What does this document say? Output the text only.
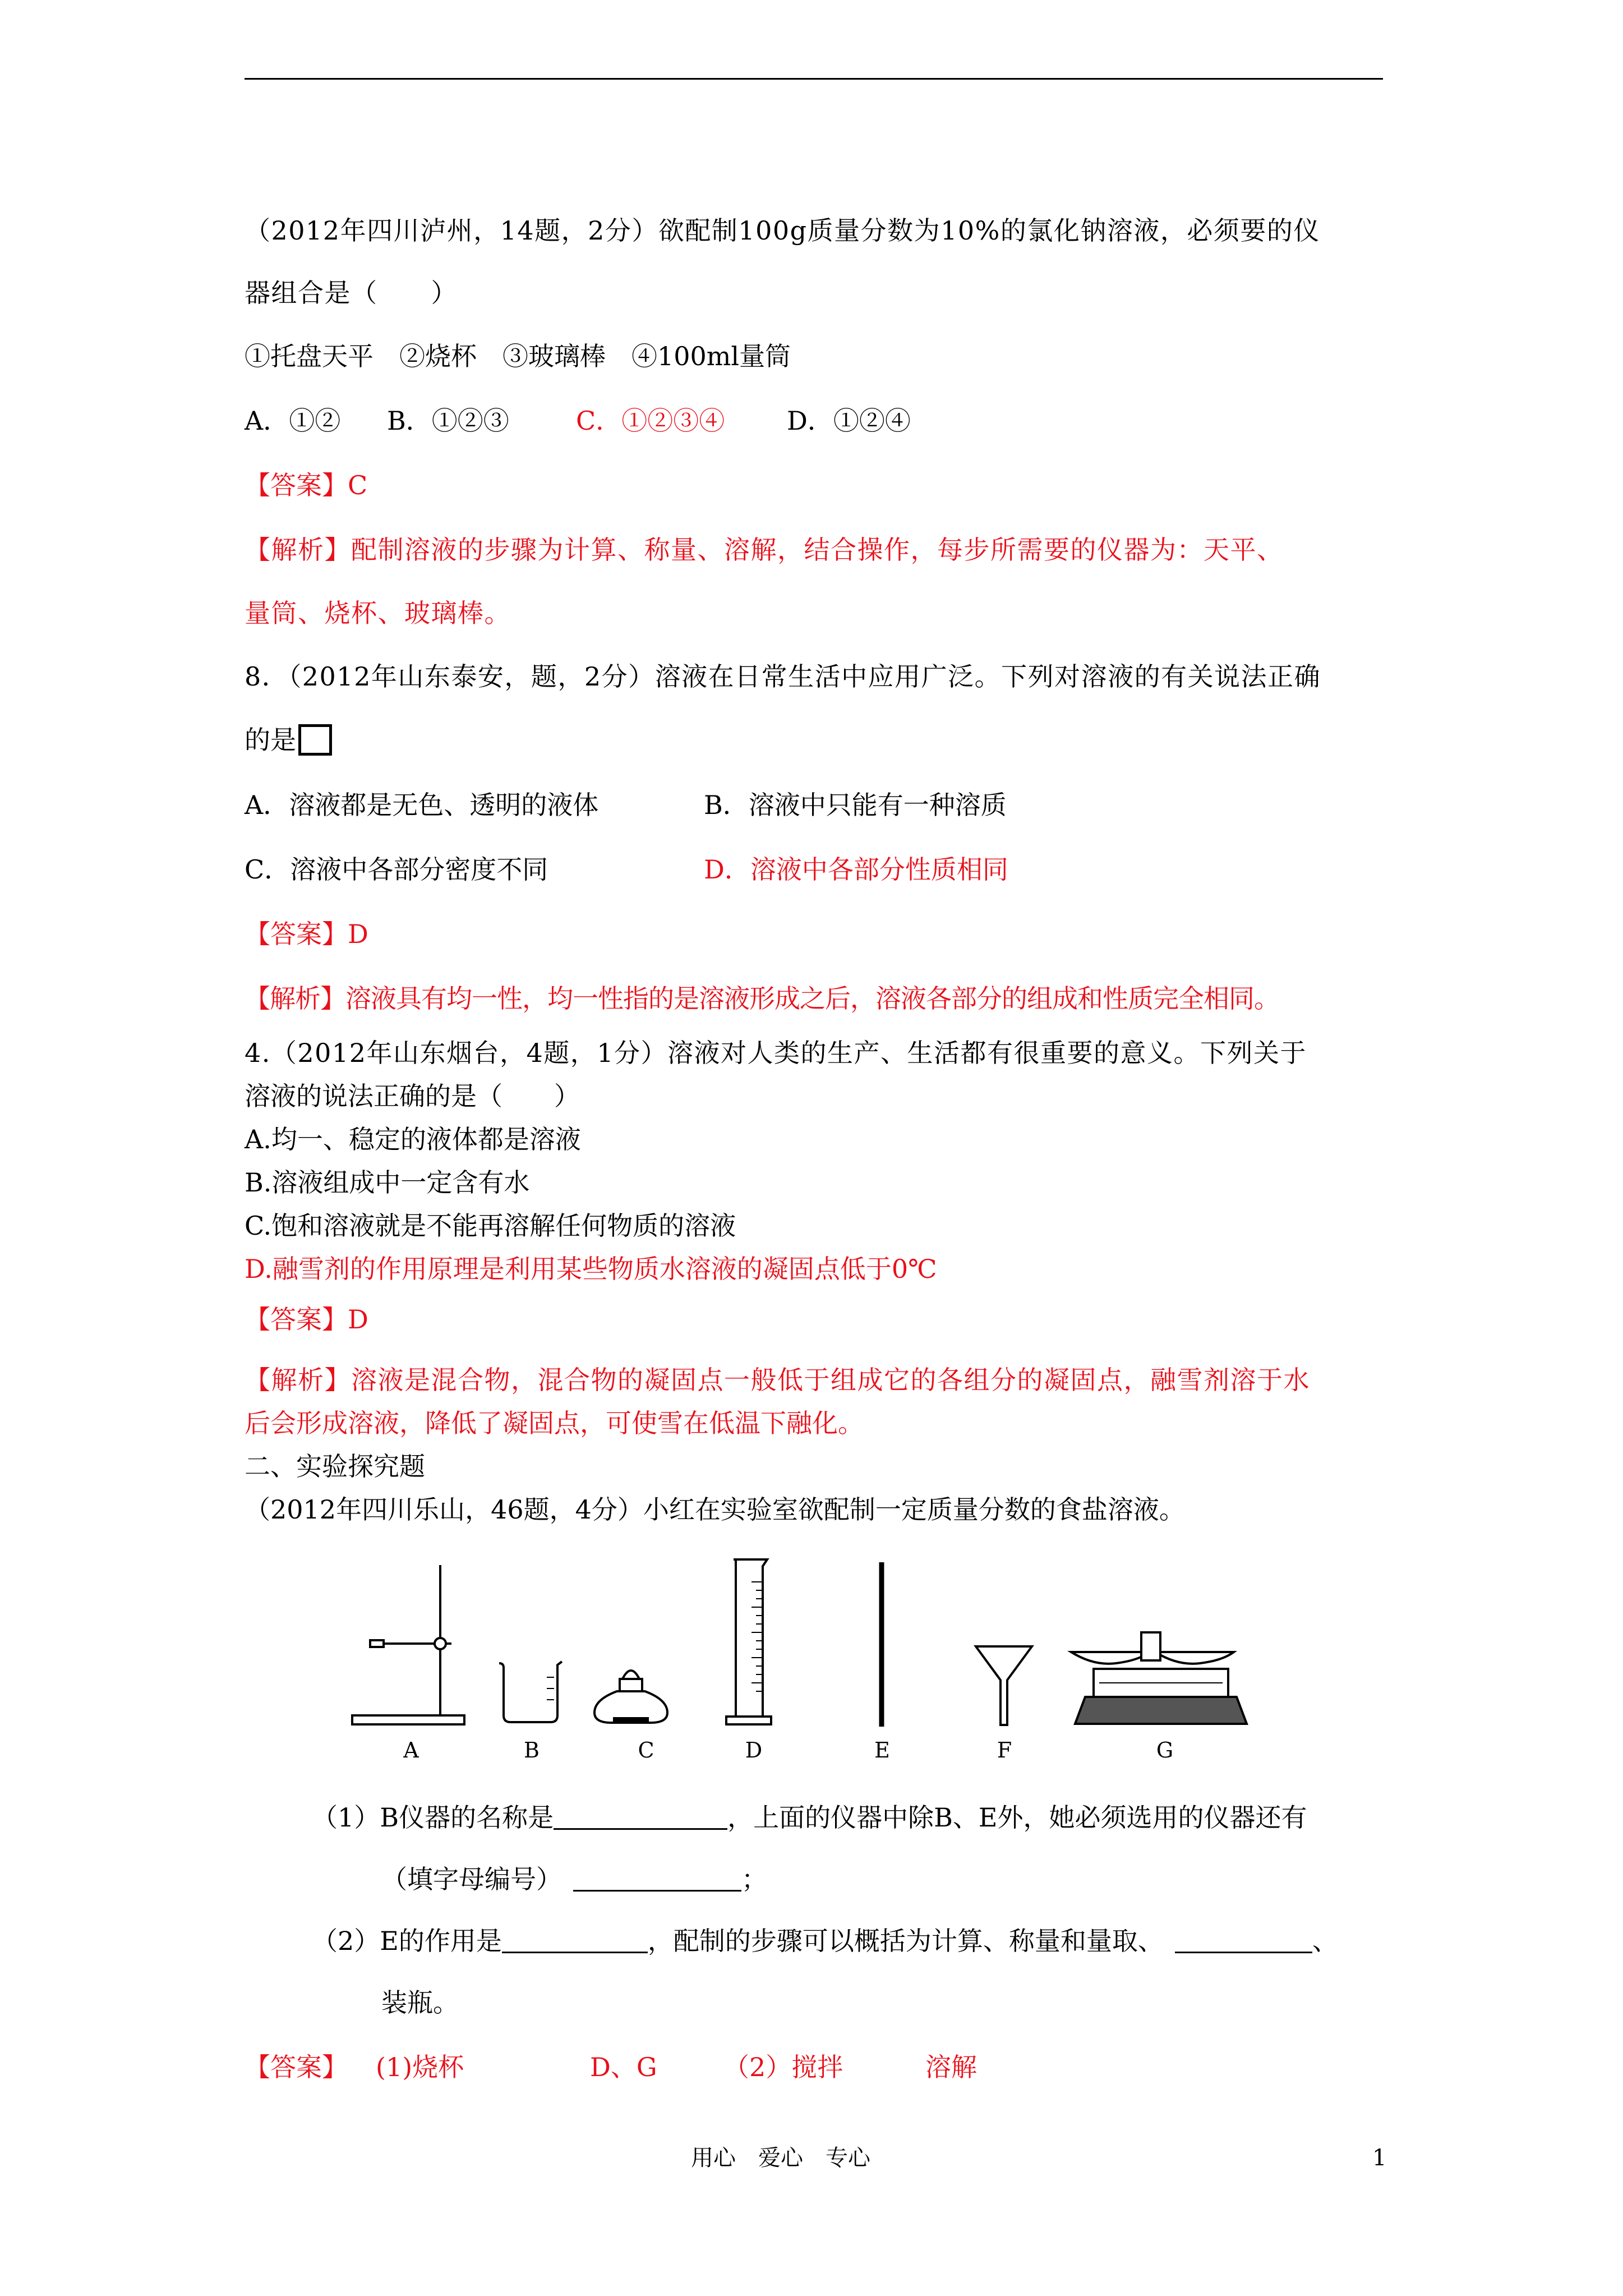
（2012年四川泸州，14题，2分）欲配制100g质量分数为10%的氯化钠溶液，必须要的仪
器组合是（　　）
①托盘天平　②烧杯　③玻璃棒　④100ml量筒
A．①② B．①②③	C．①②③④ D．①②④
【答案】C
【解析】配制溶液的步骤为计算、称量、溶解，结合操作，每步所需要的仪器为：天平、
量筒、烧杯、玻璃棒。
8．（2012年山东泰安，题，2分）溶液在日常生活中应用广泛。下列对溶液的有关说法正确
的是
A．溶液都是无色、透明的液体	B．溶液中只能有一种溶质
C．溶液中各部分密度不同	D．溶液中各部分性质相同
【答案】D
【解析】溶液具有均一性，均一性指的是溶液形成之后，溶液各部分的组成和性质完全相同。
4.（2012年山东烟台，4题，1分）溶液对人类的生产、生活都有很重要的意义。下列关于
溶液的说法正确的是（　　）
A.均一、稳定的液体都是溶液
B.溶液组成中一定含有水
C.饱和溶液就是不能再溶解任何物质的溶液
D.融雪剂的作用原理是利用某些物质水溶液的凝固点低于0℃
【答案】D
【解析】溶液是混合物，混合物的凝固点一般低于组成它的各组分的凝固点，融雪剂溶于水
后会形成溶液，降低了凝固点，可使雪在低温下融化。
二、实验探究题
（2012年四川乐山，46题，4分）小红在实验室欲配制一定质量分数的食盐溶液。
A	B	C	D	E	F	G
（1）B仪器的名称是	，上面的仪器中除B、E外，她必须选用的仪器还有
（填字母编号）	；
（2）E的作用是	，配制的步骤可以概括为计算、称量和量取、	、
装瓶。
【答案】 (1)烧杯	D、G	（2）搅拌	溶解
用心　爱心　专心	1
